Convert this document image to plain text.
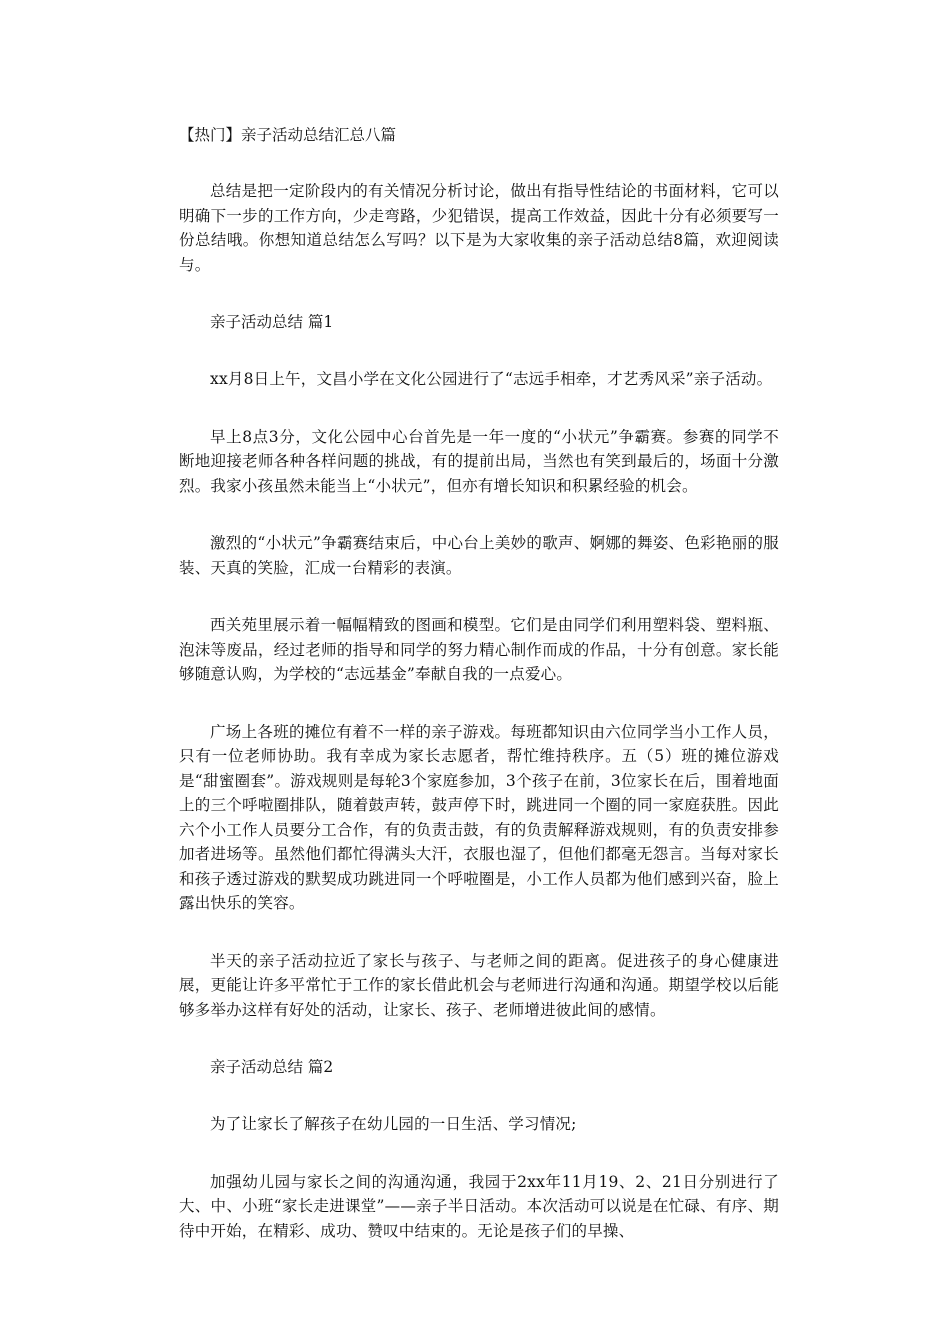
【热门】亲子活动总结汇总八篇

总结是把一定阶段内的有关情况分析讨论，做出有指导性结论的书面材料，它可以明确下一步的工作方向，少走弯路，少犯错误，提高工作效益，因此十分有必须要写一份总结哦。你想知道总结怎么写吗？以下是为大家收集的亲子活动总结8篇，欢迎阅读与。

亲子活动总结 篇1

xx月8日上午，文昌小学在文化公园进行了“志远手相牵，才艺秀风采”亲子活动。

早上8点3分，文化公园中心台首先是一年一度的“小状元”争霸赛。参赛的同学不断地迎接老师各种各样问题的挑战，有的提前出局，当然也有笑到最后的，场面十分激烈。我家小孩虽然未能当上“小状元”，但亦有增长知识和积累经验的机会。

激烈的“小状元”争霸赛结束后，中心台上美妙的歌声、婀娜的舞姿、色彩艳丽的服装、天真的笑脸，汇成一台精彩的表演。

西关苑里展示着一幅幅精致的图画和模型。它们是由同学们利用塑料袋、塑料瓶、泡沫等废品，经过老师的指导和同学的努力精心制作而成的作品，十分有创意。家长能够随意认购，为学校的“志远基金”奉献自我的一点爱心。

广场上各班的摊位有着不一样的亲子游戏。每班都知识由六位同学当小工作人员，只有一位老师协助。我有幸成为家长志愿者，帮忙维持秩序。五（5）班的摊位游戏是“甜蜜圈套”。游戏规则是每轮3个家庭参加，3个孩子在前，3位家长在后，围着地面上的三个呼啦圈排队，随着鼓声转，鼓声停下时，跳进同一个圈的同一家庭获胜。因此六个小工作人员要分工合作，有的负责击鼓，有的负责解释游戏规则，有的负责安排参加者进场等。虽然他们都忙得满头大汗，衣服也湿了，但他们都毫无怨言。当每对家长和孩子透过游戏的默契成功跳进同一个呼啦圈是，小工作人员都为他们感到兴奋，脸上露出快乐的笑容。

半天的亲子活动拉近了家长与孩子、与老师之间的距离。促进孩子的身心健康进展，更能让许多平常忙于工作的家长借此机会与老师进行沟通和沟通。期望学校以后能够多举办这样有好处的活动，让家长、孩子、老师增进彼此间的感情。

亲子活动总结 篇2

为了让家长了解孩子在幼儿园的一日生活、学习情况;

加强幼儿园与家长之间的沟通沟通，我园于2xx年11月19、2、21日分别进行了大、中、小班“家长走进课堂”——亲子半日活动。本次活动可以说是在忙碌、有序、期待中开始，在精彩、成功、赞叹中结束的。无论是孩子们的早操、
